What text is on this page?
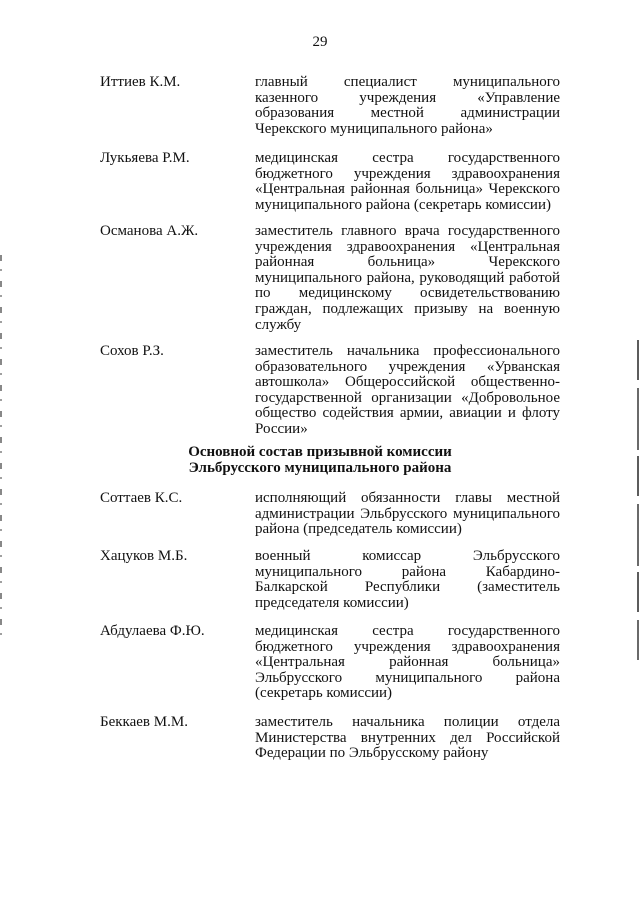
29
Иттиев К.М.	главный специалист муниципального казенного учреждения «Управление образования местной администрации Черекского муниципального района»
Лукьяева Р.М.	медицинская сестра государственного бюджетного учреждения здравоохранения «Центральная районная больница» Черекского муниципального района (секретарь комиссии)
Османова А.Ж.	заместитель главного врача государственного учреждения здравоохранения «Центральная районная больница» Черекского муниципального района, руководящий работой по медицинскому освидетельствованию граждан, подлежащих призыву на военную службу
Сохов Р.З.	заместитель начальника профессионального образовательного учреждения «Урванская автошкола» Общероссийской общественно-государственной организации «Добровольное общество содействия армии, авиации и флоту России»
Основной состав призывной комиссии
Эльбрусского муниципального района
Соттаев К.С.	исполняющий обязанности главы местной администрации Эльбрусского муниципального района (председатель комиссии)
Хацуков М.Б.	военный комиссар Эльбрусского муниципального района Кабардино-Балкарской Республики (заместитель председателя комиссии)
Абдулаева Ф.Ю.	медицинская сестра государственного бюджетного учреждения здравоохранения «Центральная районная больница» Эльбрусского муниципального района (секретарь комиссии)
Беккаев М.М.	заместитель начальника полиции отдела Министерства внутренних дел Российской Федерации по Эльбрусскому району
